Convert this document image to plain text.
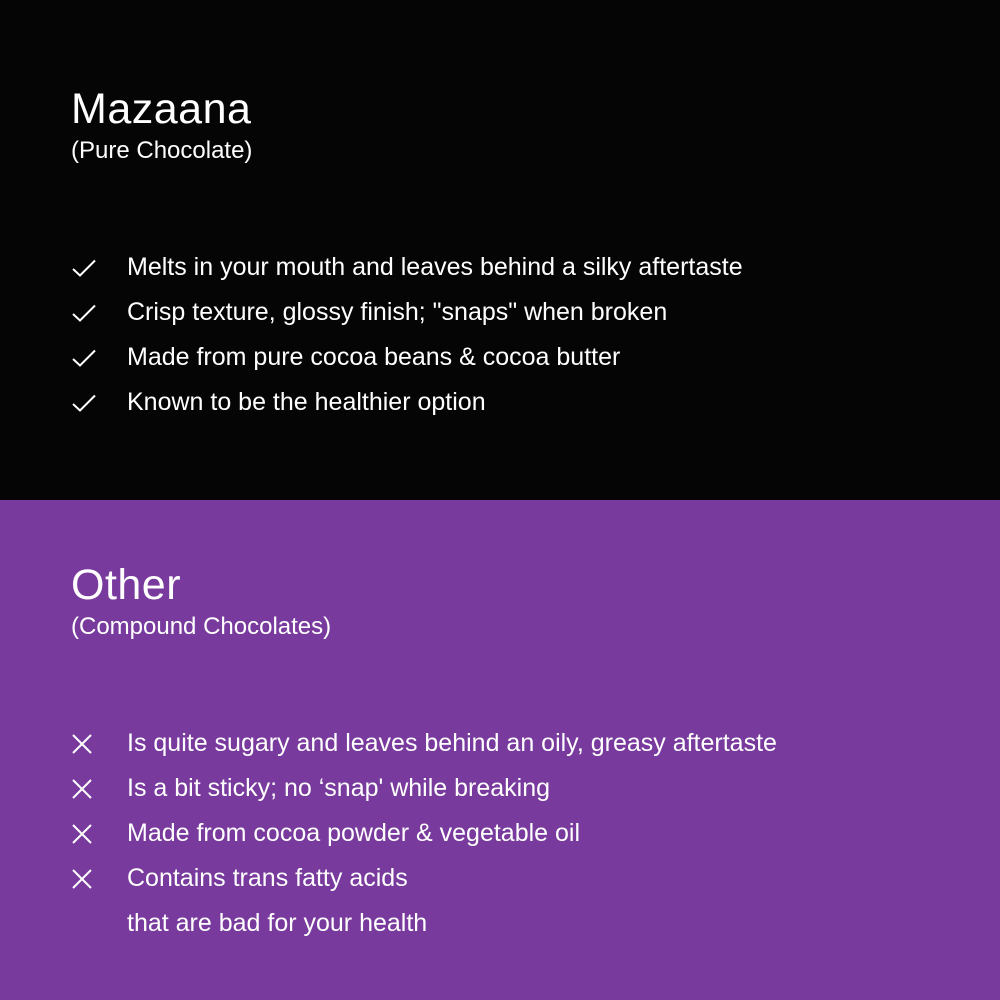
Mazaana
(Pure Chocolate)
Melts in your mouth and leaves behind a silky aftertaste
Crisp texture, glossy finish; "snaps" when broken
Made from pure cocoa beans & cocoa butter
Known to be the healthier option
Other
(Compound Chocolates)
Is quite sugary and leaves behind an oily, greasy aftertaste
Is a bit sticky; no ‘snap' while breaking
Made from cocoa powder & vegetable oil
Contains trans fatty acids
that are bad for your health
